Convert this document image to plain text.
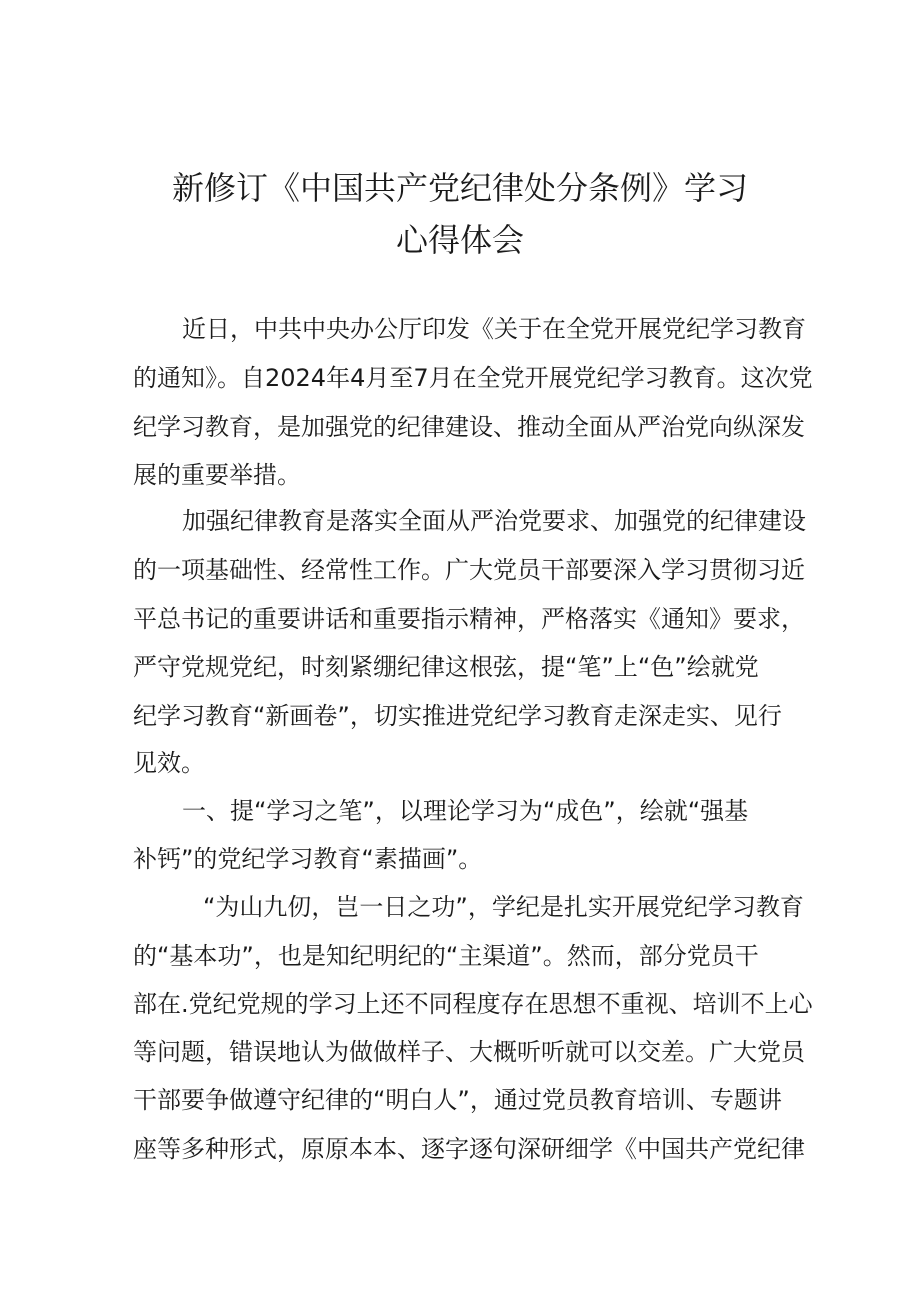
新修订《中国共产党纪律处分条例》学习
心得体会

近日，中共中央办公厅印发《关于在全党开展党纪学习教育

的通知》。自2024年4月至7月在全党开展党纪学习教育。这次党

纪学习教育，是加强党的纪律建设、推动全面从严治党向纵深发

展的重要举措。

加强纪律教育是落实全面从严治党要求、加强党的纪律建设

的一项基础性、经常性工作。广大党员干部要深入学习贯彻习近

平总书记的重要讲话和重要指示精神，严格落实《通知》要求，

严守党规党纪，时刻紧绷纪律这根弦，提“笔”上“色”绘就党

纪学习教育“新画卷”，切实推进党纪学习教育走深走实、见行

见效。

一、提“学习之笔”，以理论学习为“成色”，绘就“强基

补钙”的党纪学习教育“素描画”。

“为山九仞，岂一日之功”，学纪是扎实开展党纪学习教育

的“基本功”，也是知纪明纪的“主渠道”。然而，部分党员干

部在.党纪党规的学习上还不同程度存在思想不重视、培训不上心

等问题，错误地认为做做样子、大概听听就可以交差。广大党员

干部要争做遵守纪律的“明白人”，通过党员教育培训、专题讲

座等多种形式，原原本本、逐字逐句深研细学《中国共产党纪律
